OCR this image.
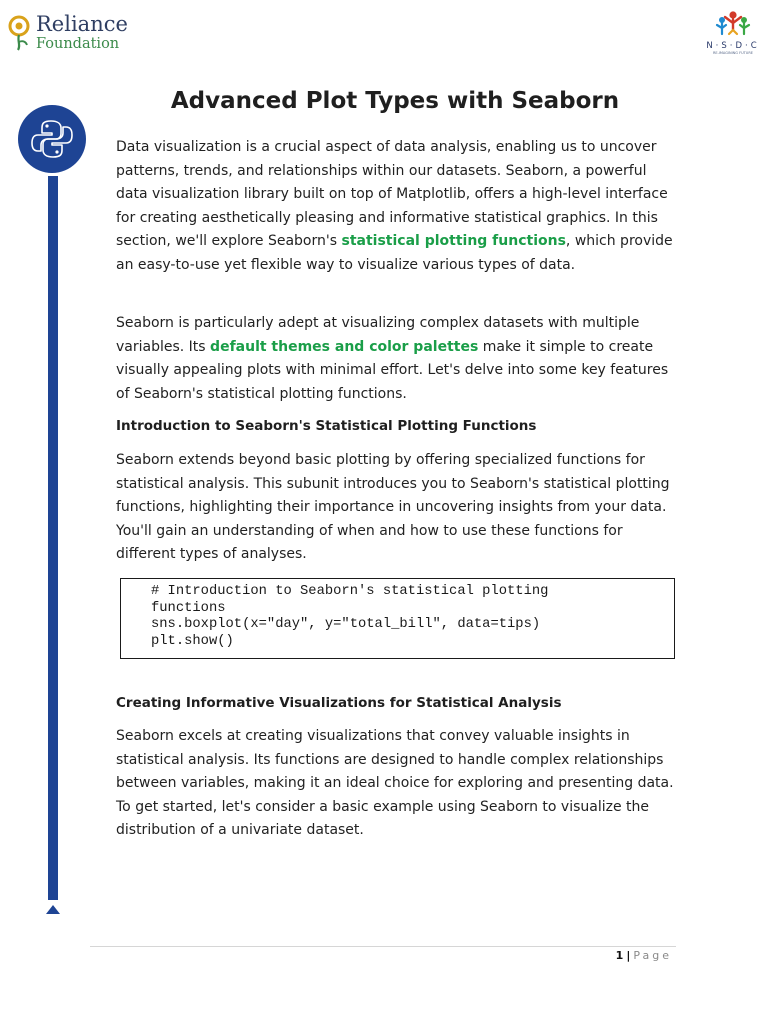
Reliance
Foundation	N·S·D·C
RE-IMAGINING FUTURE
Advanced Plot Types with Seaborn

Data visualization is a crucial aspect of data analysis, enabling us to uncover patterns, trends, and relationships within our datasets. Seaborn, a powerful data visualization library built on top of Matplotlib, offers a high-level interface for creating aesthetically pleasing and informative statistical graphics. In this section, we'll explore Seaborn's statistical plotting functions, which provide an easy-to-use yet flexible way to visualize various types of data.

Seaborn is particularly adept at visualizing complex datasets with multiple variables. Its default themes and color palettes make it simple to create visually appealing plots with minimal effort. Let's delve into some key features of Seaborn's statistical plotting functions.

Introduction to Seaborn's Statistical Plotting Functions

Seaborn extends beyond basic plotting by offering specialized functions for statistical analysis. This subunit introduces you to Seaborn's statistical plotting functions, highlighting their importance in uncovering insights from your data. You'll gain an understanding of when and how to use these functions for different types of analyses.

# Introduction to Seaborn's statistical plotting
functions
sns.boxplot(x="day", y="total_bill", data=tips)
plt.show()
Creating Informative Visualizations for Statistical Analysis

Seaborn excels at creating visualizations that convey valuable insights in statistical analysis. Its functions are designed to handle complex relationships between variables, making it an ideal choice for exploring and presenting data. To get started, let's consider a basic example using Seaborn to visualize the distribution of a univariate dataset.

1 | Page
